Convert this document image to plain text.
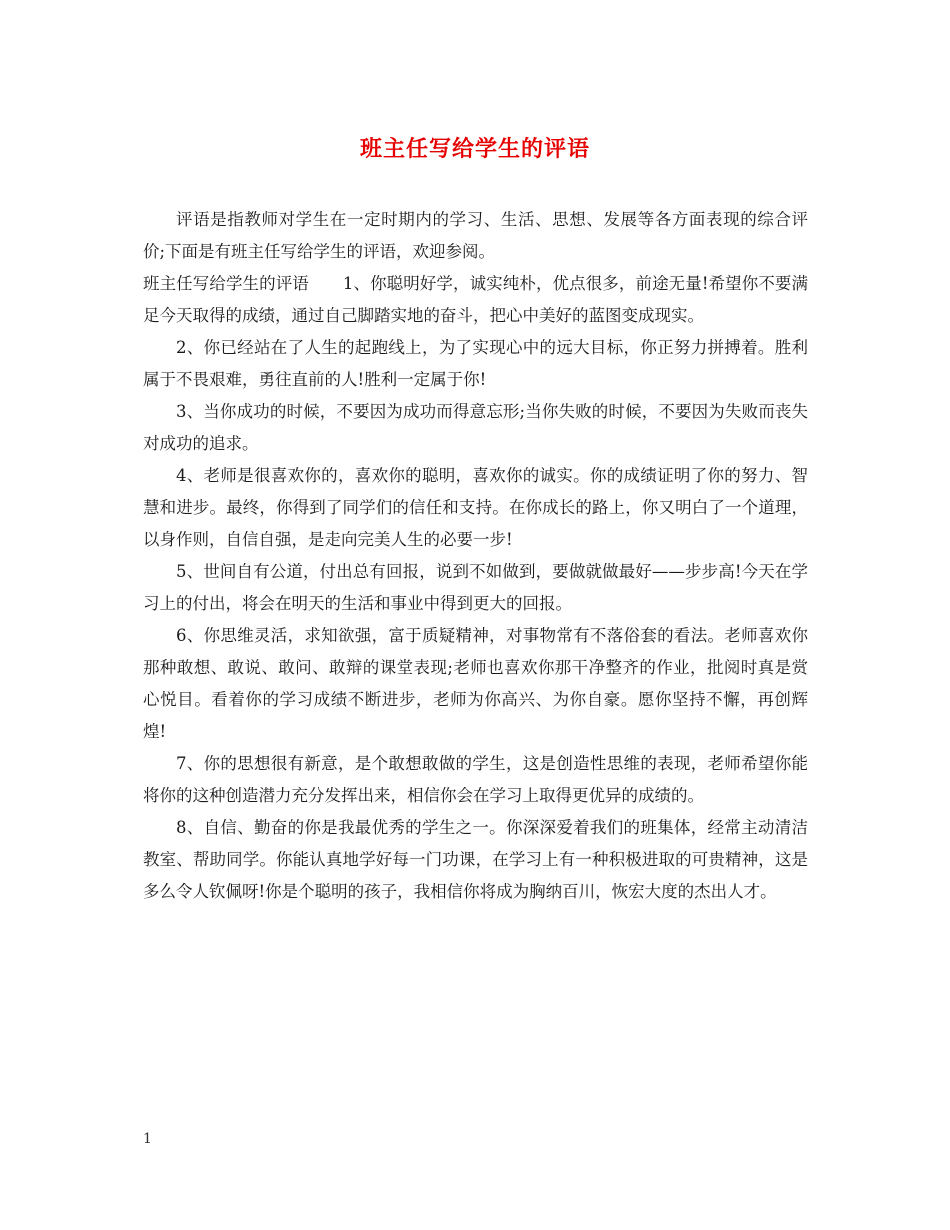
班主任写给学生的评语

评语是指教师对学生在一定时期内的学习、生活、思想、发展等各方面表现的综合评价;下面是有班主任写给学生的评语，欢迎参阅。

班主任写给学生的评语 1、你聪明好学，诚实纯朴，优点很多，前途无量!希望你不要满足今天取得的成绩，通过自己脚踏实地的奋斗，把心中美好的蓝图变成现实。

2、你已经站在了人生的起跑线上，为了实现心中的远大目标，你正努力拼搏着。胜利属于不畏艰难，勇往直前的人!胜利一定属于你!

3、当你成功的时候，不要因为成功而得意忘形;当你失败的时候，不要因为失败而丧失对成功的追求。

4、老师是很喜欢你的，喜欢你的聪明，喜欢你的诚实。你的成绩证明了你的努力、智慧和进步。最终，你得到了同学们的信任和支持。在你成长的路上，你又明白了一个道理，以身作则，自信自强，是走向完美人生的必要一步!

5、世间自有公道，付出总有回报，说到不如做到，要做就做最好——步步高!今天在学习上的付出，将会在明天的生活和事业中得到更大的回报。

6、你思维灵活，求知欲强，富于质疑精神，对事物常有不落俗套的看法。老师喜欢你那种敢想、敢说、敢问、敢辩的课堂表现;老师也喜欢你那干净整齐的作业，批阅时真是赏心悦目。看着你的学习成绩不断进步，老师为你高兴、为你自豪。愿你坚持不懈，再创辉煌!

7、你的思想很有新意，是个敢想敢做的学生，这是创造性思维的表现，老师希望你能将你的这种创造潜力充分发挥出来，相信你会在学习上取得更优异的成绩的。

8、自信、勤奋的你是我最优秀的学生之一。你深深爱着我们的班集体，经常主动清洁教室、帮助同学。你能认真地学好每一门功课，在学习上有一种积极进取的可贵精神，这是多么令人钦佩呀!你是个聪明的孩子，我相信你将成为胸纳百川，恢宏大度的杰出人才。

1
